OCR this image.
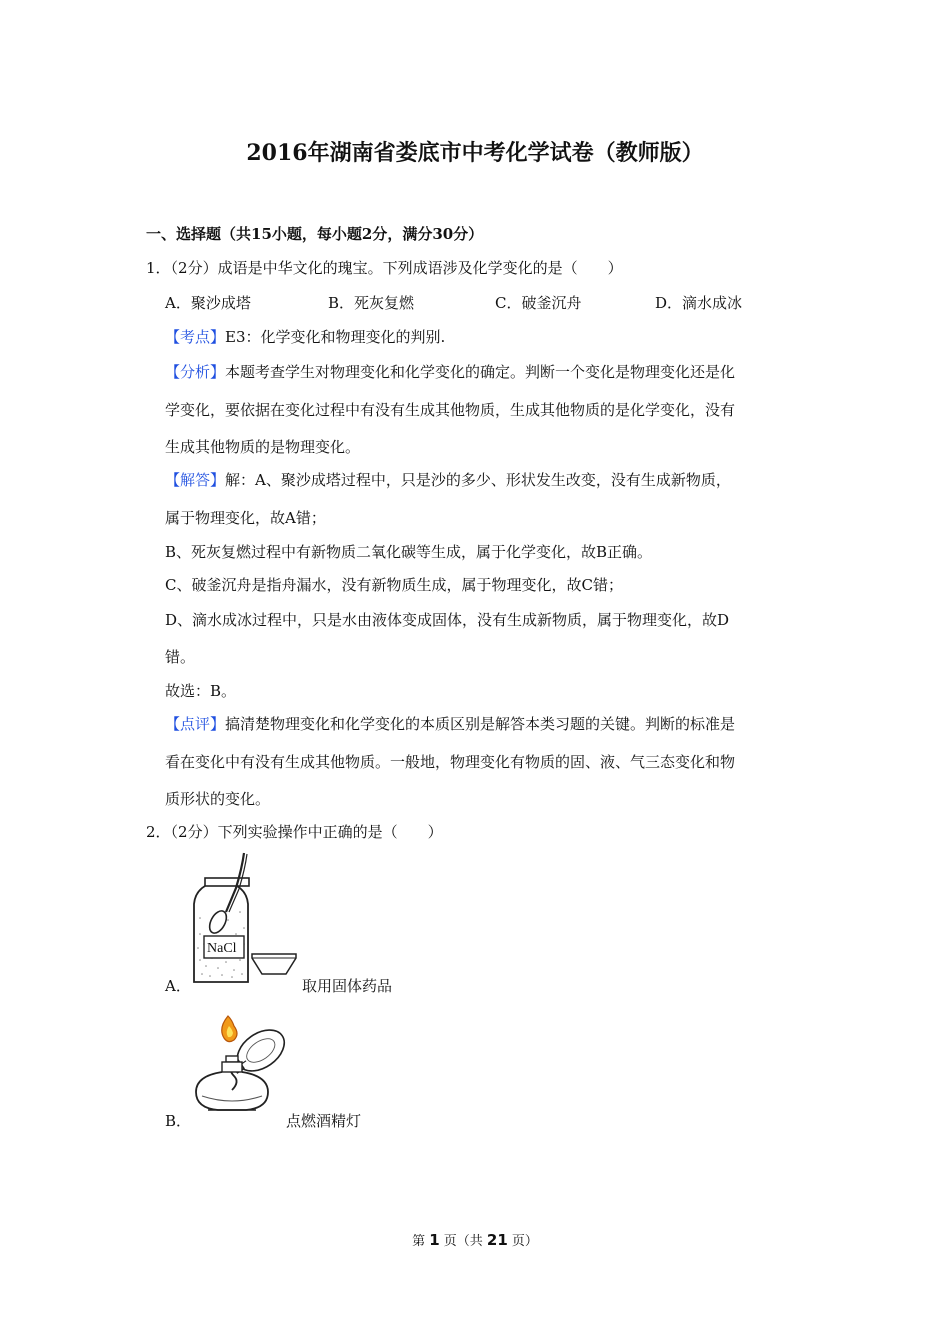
2016年湖南省娄底市中考化学试卷（教师版）
一、选择题（共15小题，每小题2分，满分30分）
1．（2分）成语是中华文化的瑰宝。下列成语涉及化学变化的是（　　）
A．聚沙成塔	B．死灰复燃	C．破釜沉舟	D．滴水成冰
【考点】E3：化学变化和物理变化的判别.
【分析】本题考查学生对物理变化和化学变化的确定。判断一个变化是物理变化还是化
学变化，要依据在变化过程中有没有生成其他物质，生成其他物质的是化学变化，没有
生成其他物质的是物理变化。
【解答】解：A、聚沙成塔过程中，只是沙的多少、形状发生改变，没有生成新物质，
属于物理变化，故A错；
B、死灰复燃过程中有新物质二氧化碳等生成，属于化学变化，故B正确。
C、破釜沉舟是指舟漏水，没有新物质生成，属于物理变化，故C错；
D、滴水成冰过程中，只是水由液体变成固体，没有生成新物质，属于物理变化，故D
错。
故选：B。
【点评】搞清楚物理变化和化学变化的本质区别是解答本类习题的关键。判断的标准是
看在变化中有没有生成其他物质。一般地，物理变化有物质的固、液、气三态变化和物
质形状的变化。
2．（2分）下列实验操作中正确的是（　　）
NaCl
A．	取用固体药品
B．	点燃酒精灯
第 1 页（共 21 页）
